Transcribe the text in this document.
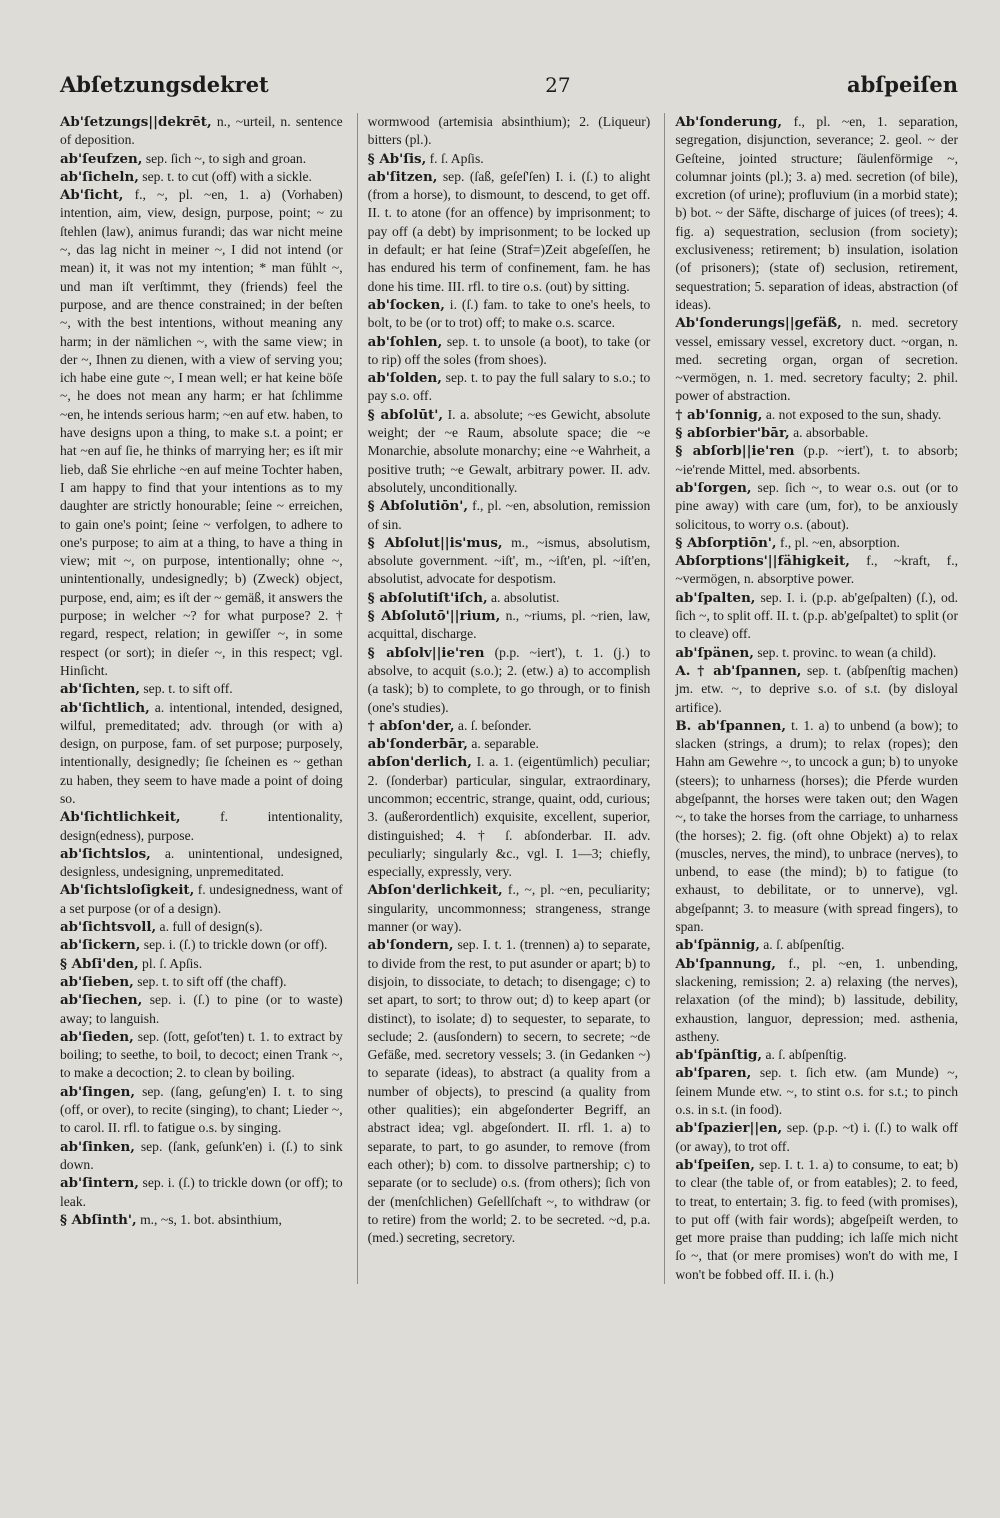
Abſetzungsdekret	27	abſpeiſen

Ab'ſetzungs||dekrēt, n., ~urteil, n. sentence of deposition.

ab'ſeufzen, sep. ſich ~, to sigh and groan.

ab'ſicheln, sep. t. to cut (off) with a sickle.

Ab'ſicht, f., ~, pl. ~en, 1. a) (Vorhaben) intention, aim, view, design, purpose, point; ~ zu ſtehlen (law), animus furandi; das war nicht meine ~, das lag nicht in meiner ~, I did not intend (or mean) it, it was not my intention; * man fühlt ~, und man iſt verſtimmt, they (friends) feel the purpose, and are thence constrained; in der beſten ~, with the best intentions, without meaning any harm; in der nämlichen ~, with the same view; in der ~, Ihnen zu dienen, with a view of serving you; ich habe eine gute ~, I mean well; er hat keine böſe ~, he does not mean any harm; er hat ſchlimme ~en, he intends serious harm; ~en auf etw. haben, to have designs upon a thing, to make s.t. a point; er hat ~en auf ſie, he thinks of marrying her; es iſt mir lieb, daß Sie ehrliche ~en auf meine Tochter haben, I am happy to find that your intentions as to my daughter are strictly honourable; ſeine ~ erreichen, to gain one's point; ſeine ~ verfolgen, to adhere to one's purpose; to aim at a thing, to have a thing in view; mit ~, on purpose, intentionally; ohne ~, unintentionally, undesignedly; b) (Zweck) object, purpose, end, aim; es iſt der ~ gemäß, it answers the purpose; in welcher ~? for what purpose? 2. † regard, respect, relation; in gewiſſer ~, in some respect (or sort); in dieſer ~, in this respect; vgl. Hinſicht.

ab'ſichten, sep. t. to sift off.

ab'ſichtlich, a. intentional, intended, designed, wilful, premeditated; adv. through (or with a) design, on purpose, fam. of set purpose; purposely, intentionally, designedly; ſie ſcheinen es ~ gethan zu haben, they seem to have made a point of doing so.

Ab'ſichtlichkeit, f. intentionality, design(edness), purpose.

ab'ſichtslos, a. unintentional, undesigned, designless, undesigning, unpremeditated.

Ab'ſichtsloſigkeit, f. undesignedness, want of a set purpose (or of a design).

ab'ſichtsvoll, a. full of design(s).

ab'ſickern, sep. i. (ſ.) to trickle down (or off).

§ Abſi'den, pl. ſ. Apſis.

ab'ſieben, sep. t. to sift off (the chaff).

ab'ſiechen, sep. i. (ſ.) to pine (or to waste) away; to languish.

ab'ſieden, sep. (ſott, geſot'ten) t. 1. to extract by boiling; to seethe, to boil, to decoct; einen Trank ~, to make a decoction; 2. to clean by boiling.

ab'ſingen, sep. (ſang, geſung'en) I. t. to sing (off, or over), to recite (singing), to chant; Lieder ~, to carol. II. rfl. to fatigue o.s. by singing.

ab'ſinken, sep. (ſank, geſunk'en) i. (ſ.) to sink down.

ab'ſintern, sep. i. (ſ.) to trickle down (or off); to leak.

§ Abſinth', m., ~s, 1. bot. absinthium,

wormwood (artemisia absinthium); 2. (Liqueur) bitters (pl.).

§ Ab'ſis, f. ſ. Apſis.

ab'ſitzen, sep. (ſaß, geſeſ'ſen) I. i. (ſ.) to alight (from a horse), to dismount, to descend, to get off. II. t. to atone (for an offence) by imprisonment; to pay off (a debt) by imprisonment; to be locked up in default; er hat ſeine (Straf=)Zeit abgeſeſſen, he has endured his term of confinement, fam. he has done his time. III. rfl. to tire o.s. (out) by sitting.

ab'ſocken, i. (ſ.) fam. to take to one's heels, to bolt, to be (or to trot) off; to make o.s. scarce.

ab'ſohlen, sep. t. to unsole (a boot), to take (or to rip) off the soles (from shoes).

ab'ſolden, sep. t. to pay the full salary to s.o.; to pay s.o. off.

§ abſolūt', I. a. absolute; ~es Gewicht, absolute weight; der ~e Raum, absolute space; die ~e Monarchie, absolute monarchy; eine ~e Wahrheit, a positive truth; ~e Gewalt, arbitrary power. II. adv. absolutely, unconditionally.

§ Abſolutiōn', f., pl. ~en, absolution, remission of sin.

§ Abſolut||is'mus, m., ~ismus, absolutism, absolute government. ~iſt', m., ~iſt'en, pl. ~iſt'en, absolutist, advocate for despotism.

§ abſolutiſt'iſch, a. absolutist.

§ Abſolutō'||rium, n., ~riums, pl. ~rien, law, acquittal, discharge.

§ abſolv||ie'ren (p.p. ~iert'), t. 1. (j.) to absolve, to acquit (s.o.); 2. (etw.) a) to accomplish (a task); b) to complete, to go through, or to finish (one's studies).

† abſon'der, a. ſ. beſonder.

ab'ſonderbār, a. separable.

abſon'derlich, I. a. 1. (eigentümlich) peculiar; 2. (ſonderbar) particular, singular, extraordinary, uncommon; eccentric, strange, quaint, odd, curious; 3. (außerordentlich) exquisite, excellent, superior, distinguished; 4. † ſ. abſonderbar. II. adv. peculiarly; singularly &c., vgl. I. 1—3; chiefly, especially, expressly, very.

Abſon'derlichkeit, f., ~, pl. ~en, peculiarity; singularity, uncommonness; strangeness, strange manner (or way).

ab'ſondern, sep. I. t. 1. (trennen) a) to separate, to divide from the rest, to put asunder or apart; b) to disjoin, to dissociate, to detach; to disengage; c) to set apart, to sort; to throw out; d) to keep apart (or distinct), to isolate; d) to sequester, to separate, to seclude; 2. (ausſondern) to secern, to secrete; ~de Gefäße, med. secretory vessels; 3. (in Gedanken ~) to separate (ideas), to abstract (a quality from a number of objects), to prescind (a quality from other qualities); ein abgeſonderter Begriff, an abstract idea; vgl. abgeſondert. II. rfl. 1. a) to separate, to part, to go asunder, to remove (from each other); b) com. to dissolve partnership; c) to separate (or to seclude) o.s. (from others); ſich von der (menſchlichen) Geſellſchaft ~, to withdraw (or to retire) from the world; 2. to be secreted. ~d, p.a. (med.) secreting, secretory.

Ab'ſonderung, f., pl. ~en, 1. separation, segregation, disjunction, severance; 2. geol. ~ der Geſteine, jointed structure; ſäulenförmige ~, columnar joints (pl.); 3. a) med. secretion (of bile), excretion (of urine); profluvium (in a morbid state); b) bot. ~ der Säfte, discharge of juices (of trees); 4. fig. a) sequestration, seclusion (from society); exclusiveness; retirement; b) insulation, isolation (of prisoners); (state of) seclusion, retirement, sequestration; 5. separation of ideas, abstraction (of ideas).

Ab'ſonderungs||gefäß, n. med. secretory vessel, emissary vessel, excretory duct. ~organ, n. med. secreting organ, organ of secretion. ~vermögen, n. 1. med. secretory faculty; 2. phil. power of abstraction.

† ab'ſonnig, a. not exposed to the sun, shady.

§ abſorbier'bār, a. absorbable.

§ abſorb||ie'ren (p.p. ~iert'), t. to absorb; ~ie'rende Mittel, med. absorbents.

ab'ſorgen, sep. ſich ~, to wear o.s. out (or to pine away) with care (um, for), to be anxiously solicitous, to worry o.s. (about).

§ Abſorptiōn', f., pl. ~en, absorption.

Abſorptions'||fähigkeit, f., ~kraft, f., ~vermögen, n. absorptive power.

ab'ſpalten, sep. I. i. (p.p. ab'geſpalten) (ſ.), od. ſich ~, to split off. II. t. (p.p. ab'geſpaltet) to split (or to cleave) off.

ab'ſpänen, sep. t. provinc. to wean (a child).

A. † ab'ſpannen, sep. t. (abſpenſtig machen) jm. etw. ~, to deprive s.o. of s.t. (by disloyal artifice).

B. ab'ſpannen, t. 1. a) to unbend (a bow); to slacken (strings, a drum); to relax (ropes); den Hahn am Gewehre ~, to uncock a gun; b) to unyoke (steers); to unharness (horses); die Pferde wurden abgeſpannt, the horses were taken out; den Wagen ~, to take the horses from the carriage, to unharness (the horses); 2. fig. (oft ohne Objekt) a) to relax (muscles, nerves, the mind), to unbrace (nerves), to unbend, to ease (the mind); b) to fatigue (to exhaust, to debilitate, or to unnerve), vgl. abgeſpannt; 3. to measure (with spread fingers), to span.

ab'ſpännig, a. ſ. abſpenſtig.

Ab'ſpannung, f., pl. ~en, 1. unbending, slackening, remission; 2. a) relaxing (the nerves), relaxation (of the mind); b) lassitude, debility, exhaustion, languor, depression; med. asthenia, astheny.

ab'ſpänſtig, a. ſ. abſpenſtig.

ab'ſparen, sep. t. ſich etw. (am Munde) ~, ſeinem Munde etw. ~, to stint o.s. for s.t.; to pinch o.s. in s.t. (in food).

ab'ſpazier||en, sep. (p.p. ~t) i. (ſ.) to walk off (or away), to trot off.

ab'ſpeiſen, sep. I. t. 1. a) to consume, to eat; b) to clear (the table of, or from eatables); 2. to feed, to treat, to entertain; 3. fig. to feed (with promises), to put off (with fair words); abgeſpeiſt werden, to get more praise than pudding; ich laſſe mich nicht ſo ~, that (or mere promises) won't do with me, I won't be fobbed off. II. i. (h.)
